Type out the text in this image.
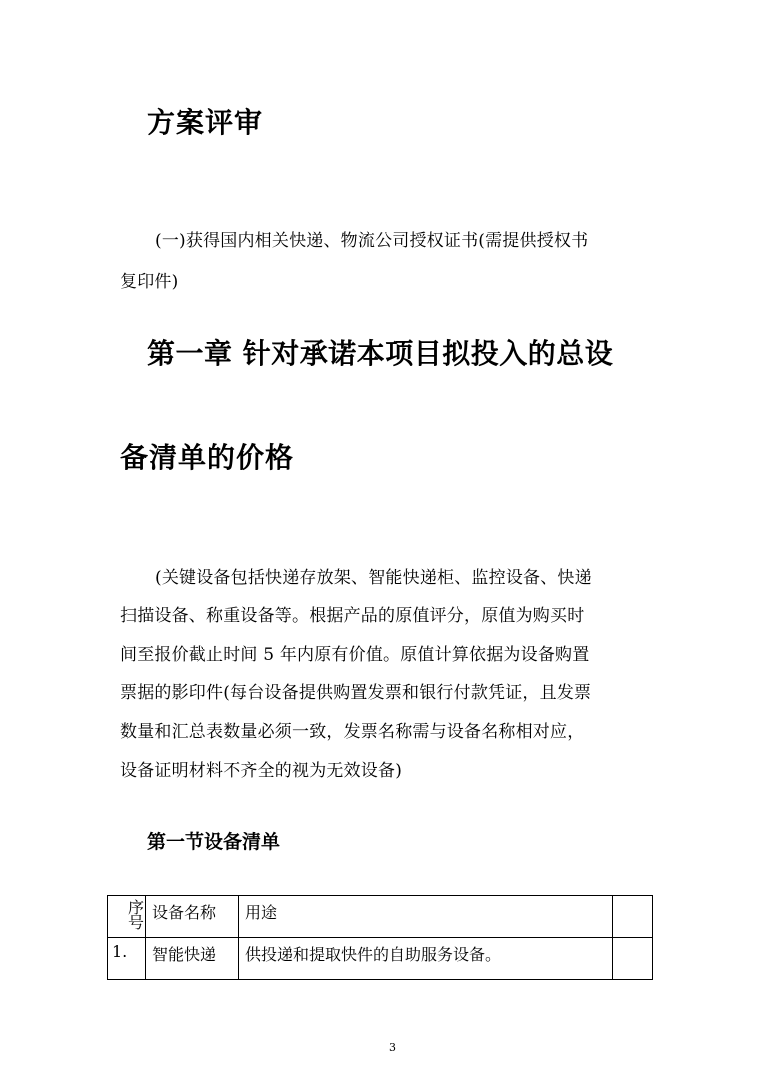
方案评审
(一)获得国内相关快递、物流公司授权证书(需提供授权书
复印件)
第一章 针对承诺本项目拟投入的总设
备清单的价格
(关键设备包括快递存放架、智能快递柜、监控设备、快递
扫描设备、称重设备等。根据产品的原值评分，原值为购买时
间至报价截止时间 5 年内原有价值。原值计算依据为设备购置
票据的影印件(每台设备提供购置发票和银行付款凭证，且发票
数量和汇总表数量必须一致，发票名称需与设备名称相对应，
设备证明材料不齐全的视为无效设备)
第一节设备清单
序
号	设备名称	用途	
1.	智能快递	供投递和提取快件的自助服务设备。	
3
